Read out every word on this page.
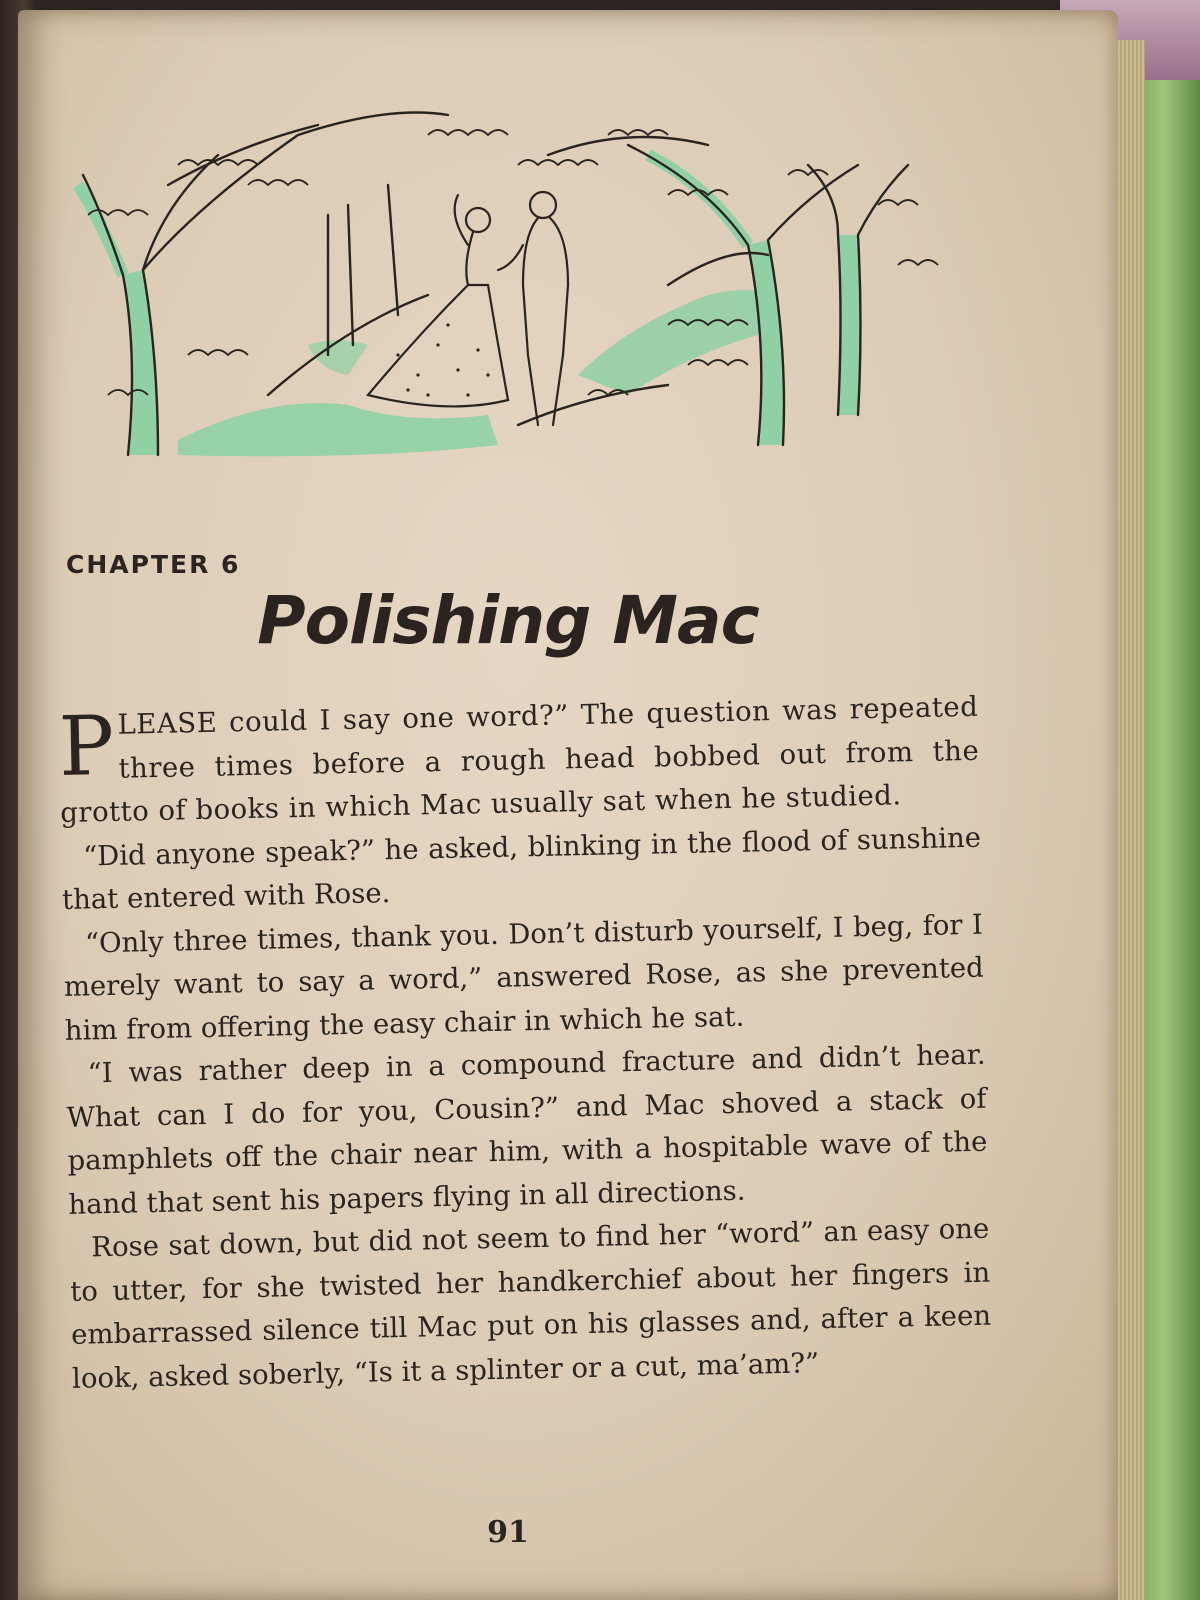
CHAPTER 6
Polishing Mac

PLEASE could I say one word?” The question was repeated three times before a rough head bobbed out from the grotto of books in which Mac usually sat when he studied.

“Did anyone speak?” he asked, blinking in the flood of sunshine that entered with Rose.

“Only three times, thank you. Don’t disturb yourself, I beg, for I merely want to say a word,” answered Rose, as she prevented him from offering the easy chair in which he sat.

“I was rather deep in a compound fracture and didn’t hear. What can I do for you, Cousin?” and Mac shoved a stack of pamphlets off the chair near him, with a hospitable wave of the hand that sent his papers flying in all directions.

Rose sat down, but did not seem to find her “word” an easy one to utter, for she twisted her handkerchief about her fingers in embarrassed silence till Mac put on his glasses and, after a keen look, asked soberly, “Is it a splinter or a cut, ma’am?”

91
